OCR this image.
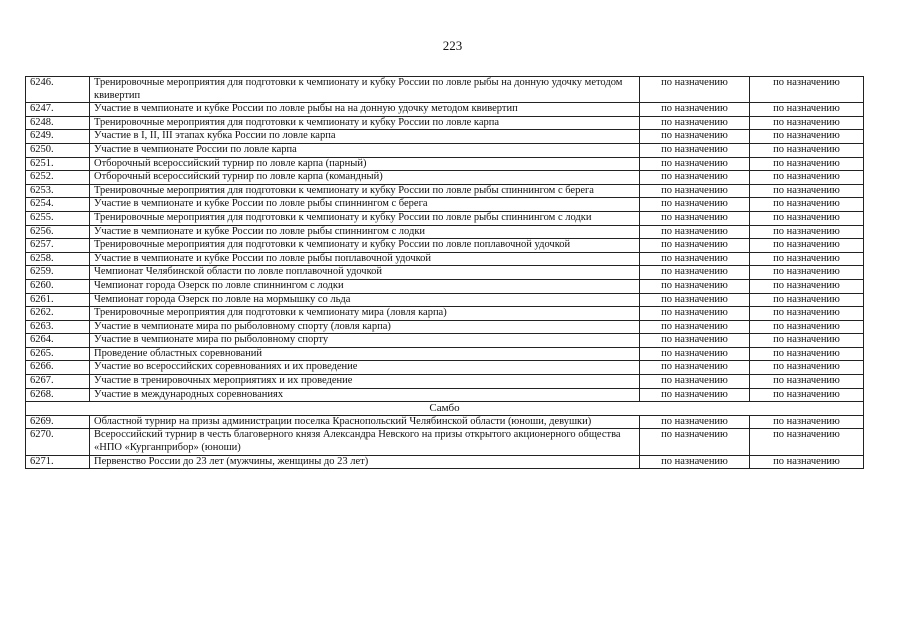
223
6246.	Тренировочные мероприятия для подготовки к чемпионату и кубку России по ловле рыбы на донную удочку методом квивертип	по назначению	по назначению
6247.	Участие в чемпионате и кубке России по ловле рыбы на на донную удочку методом квивертип	по назначению	по назначению
6248.	Тренировочные мероприятия для подготовки к чемпионату и кубку России по ловле карпа	по назначению	по назначению
6249.	Участие в I, II, III этапах кубка России по ловле карпа	по назначению	по назначению
6250.	Участие в чемпионате России по ловле карпа	по назначению	по назначению
6251.	Отборочный всероссийский турнир по ловле карпа (парный)	по назначению	по назначению
6252.	Отборочный всероссийский турнир по ловле карпа (командный)	по назначению	по назначению
6253.	Тренировочные мероприятия для подготовки к чемпионату и кубку России по ловле рыбы спиннингом с берега	по назначению	по назначению
6254.	Участие в чемпионате и кубке России по ловле рыбы спиннингом с берега	по назначению	по назначению
6255.	Тренировочные мероприятия для подготовки к чемпионату и кубку России по ловле рыбы спиннингом с лодки	по назначению	по назначению
6256.	Участие в чемпионате и кубке России по ловле рыбы спиннингом с лодки	по назначению	по назначению
6257.	Тренировочные мероприятия для подготовки к чемпионату и кубку России по ловле поплавочной удочкой	по назначению	по назначению
6258.	Участие в чемпионате и кубке России по ловле рыбы поплавочной удочкой	по назначению	по назначению
6259.	Чемпионат Челябинской области по ловле поплавочной удочкой	по назначению	по назначению
6260.	Чемпионат города Озерск по ловле спиннингом с лодки	по назначению	по назначению
6261.	Чемпионат города Озерск по ловле на мормышку со льда	по назначению	по назначению
6262.	Тренировочные мероприятия для подготовки к чемпионату мира (ловля карпа)	по назначению	по назначению
6263.	Участие в чемпионате мира по рыболовному спорту (ловля карпа)	по назначению	по назначению
6264.	Участие в чемпионате мира по рыболовному спорту	по назначению	по назначению
6265.	Проведение областных соревнований	по назначению	по назначению
6266.	Участие во всероссийских соревнованиях и их проведение	по назначению	по назначению
6267.	Участие в тренировочных мероприятиях и их проведение	по назначению	по назначению
6268.	Участие в международных соревнованиях	по назначению	по назначению
Самбо			
6269.	Областной турнир на призы администрации поселка Краснопольский Челябинской области (юноши, девушки)	по назначению	по назначению
6270.	Всероссийский турнир в честь благоверного князя Александра Невского на призы открытого акционерного общества «НПО «Курганприбор» (юноши)	по назначению	по назначению
6271.	Первенство России до 23 лет (мужчины, женщины до 23 лет)	по назначению	по назначению
